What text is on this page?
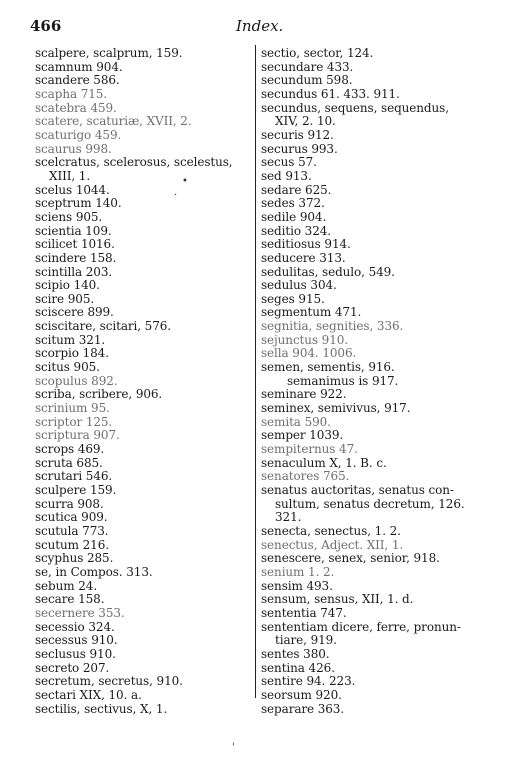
466	Index.
scalpere, scalprum, 159.
scamnum 904.
scandere 586.
scapha 715.
scatebra 459.
scatere, scaturiæ, XVII, 2.
scaturigo 459.
scaurus 998.
scelcratus, scelerosus, scelestus,
XIII, 1.
scelus 1044.
sceptrum 140.
sciens 905.
scientia 109.
scilicet 1016.
scindere 158.
scintilla 203.
scipio 140.
scire 905.
sciscere 899.
sciscitare, scitari, 576.
scitum 321.
scorpio 184.
scitus 905.
scopulus 892.
scriba, scribere, 906.
scrinium 95.
scriptor 125.
scriptura 907.
scrops 469.
scruta 685.
scrutari 546.
sculpere 159.
scurra 908.
scutica 909.
scutula 773.
scutum 216.
scyphus 285.
se, in Compos. 313.
sebum 24.
secare 158.
secernere 353.
secessio 324.
secessus 910.
seclusus 910.
secreto 207.
secretum, secretus, 910.
sectari XIX, 10. a.
sectilis, sectivus, X, 1.
sectio, sector, 124.
secundare 433.
secundum 598.
secundus 61. 433. 911.
secundus, sequens, sequendus,
XIV, 2. 10.
securis 912.
securus 993.
secus 57.
sed 913.
sedare 625.
sedes 372.
sedile 904.
seditio 324.
seditiosus 914.
seducere 313.
sedulitas, sedulo, 549.
sedulus 304.
seges 915.
segmentum 471.
segnitia, segnities, 336.
sejunctus 910.
sella 904. 1006.
semen, sementis, 916.
semanimus is 917.
seminare 922.
seminex, semivivus, 917.
semita 590.
semper 1039.
sempiternus 47.
senaculum X, 1. B. c.
senatores 765.
senatus auctoritas, senatus con-
sultum, senatus decretum, 126.
321.
senecta, senectus, 1. 2.
senectus, Adject. XII, 1.
senescere, senex, senior, 918.
senium 1. 2.
sensim 493.
sensum, sensus, XII, 1. d.
sententia 747.
sententiam dicere, ferre, pronun-
tiare, 919.
sentes 380.
sentina 426.
sentire 94. 223.
seorsum 920.
separare 363.
•
·
'
